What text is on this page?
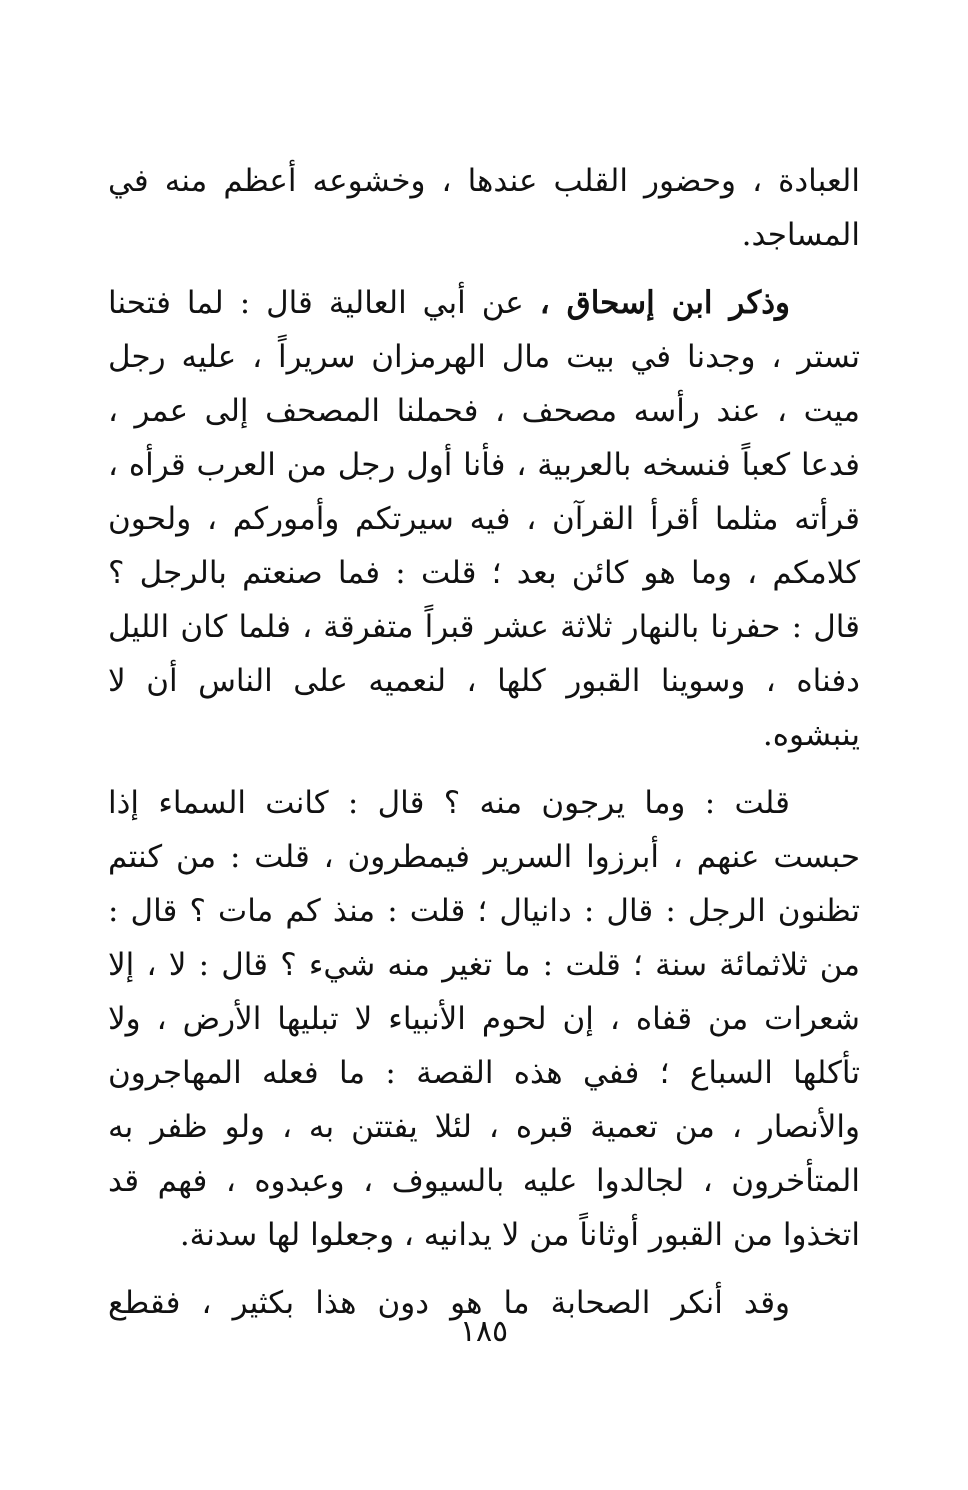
العبادة ، وحضور القلب عندها ، وخشوعه أعظم منه في
المساجد.
وذكر ابن إسحاق ، عن أبي العالية قال : لما فتحنا
تستر ، وجدنا في بيت مال الهرمزان سريراً ، عليه رجل
ميت ، عند رأسه مصحف ، فحملنا المصحف إلى عمر ،
فدعا كعباً فنسخه بالعربية ، فأنا أول رجل من العرب قرأه ،
قرأته مثلما أقرأ القرآن ، فيه سيرتكم وأموركم ، ولحون
كلامكم ، وما هو كائن بعد ؛ قلت : فما صنعتم بالرجل ؟
قال : حفرنا بالنهار ثلاثة عشر قبراً متفرقة ، فلما كان الليل
دفناه ، وسوينا القبور كلها ، لنعميه على الناس أن لا
ينبشوه.
قلت : وما يرجون منه ؟ قال : كانت السماء إذا
حبست عنهم ، أبرزوا السرير فيمطرون ، قلت : من كنتم
تظنون الرجل : قال : دانيال ؛ قلت : منذ كم مات ؟ قال :
من ثلاثمائة سنة ؛ قلت : ما تغير منه شيء ؟ قال : لا ، إلا
شعرات من قفاه ، إن لحوم الأنبياء لا تبليها الأرض ، ولا
تأكلها السباع ؛ ففي هذه القصة : ما فعله المهاجرون
والأنصار ، من تعمية قبره ، لئلا يفتتن به ، ولو ظفر به
المتأخرون ، لجالدوا عليه بالسيوف ، وعبدوه ، فهم قد
اتخذوا من القبور أوثاناً من لا يدانيه ، وجعلوا لها سدنة.
وقد أنكر الصحابة ما هو دون هذا بكثير ، فقطع
١٨٥
